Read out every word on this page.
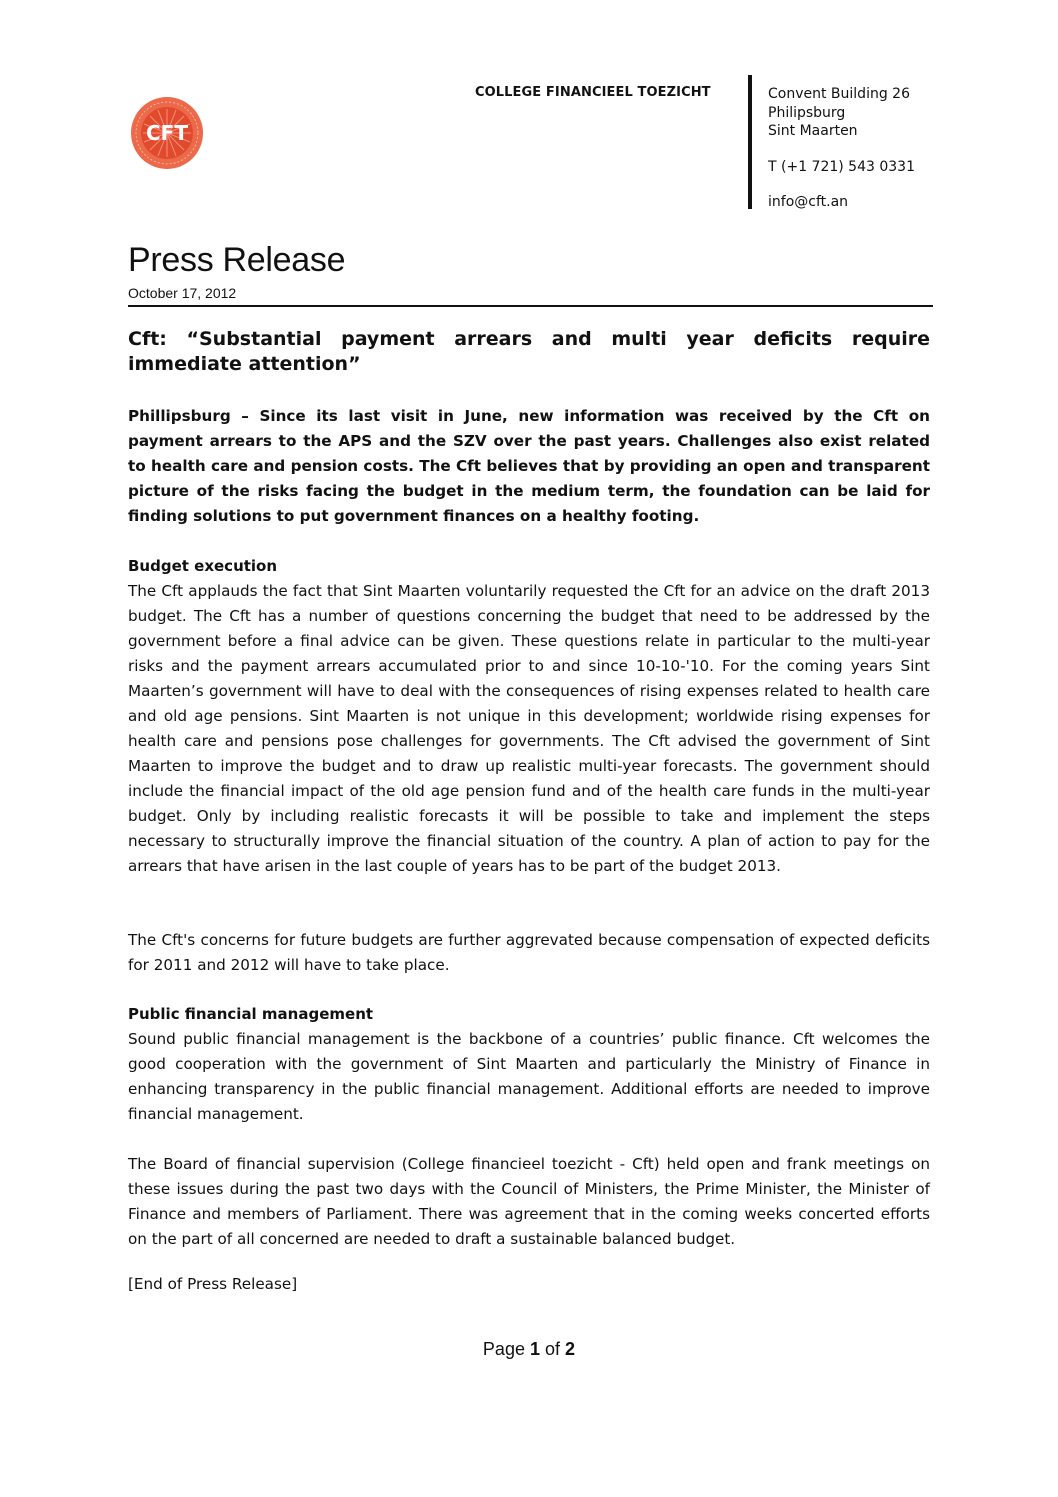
CFT
COLLEGE FINANCIEEL TOEZICHT	Convent Building 26
Philipsburg
Sint Maarten
T (+1 721) 543 0331
info@cft.an
Press Release
October 17, 2012
Cft: “Substantial payment arrears and multi year deficits require immediate attention”
Phillipsburg – Since its last visit in June, new information was received by the Cft on payment arrears to the APS and the SZV over the past years. Challenges also exist related to health care and pension costs. The Cft believes that by providing an open and transparent picture of the risks facing the budget in the medium term, the foundation can be laid for finding solutions to put government finances on a healthy footing.
Budget execution
The Cft applauds the fact that Sint Maarten voluntarily requested the Cft for an advice on the draft 2013 budget. The Cft has a number of questions concerning the budget that need to be addressed by the government before a final advice can be given. These questions relate in particular to the multi-year risks and the payment arrears accumulated prior to and since 10-10-'10. For the coming years Sint Maarten’s government will have to deal with the consequences of rising expenses related to health care and old age pensions. Sint Maarten is not unique in this development; worldwide rising expenses for health care and pensions pose challenges for governments. The Cft advised the government of Sint Maarten to improve the budget and to draw up realistic multi-year forecasts. The government should include the financial impact of the old age pension fund and of the health care funds in the multi-year budget. Only by including realistic forecasts it will be possible to take and implement the steps necessary to structurally improve the financial situation of the country. A plan of action to pay for the arrears that have arisen in the last couple of years has to be part of the budget 2013.
The Cft's concerns for future budgets are further aggrevated because compensation of expected deficits for 2011 and 2012 will have to take place.
Public financial management
Sound public financial management is the backbone of a countries’ public finance. Cft welcomes the good cooperation with the government of Sint Maarten and particularly the Ministry of Finance in enhancing transparency in the public financial management. Additional efforts are needed to improve financial management.
The Board of financial supervision (College financieel toezicht - Cft) held open and frank meetings on these issues during the past two days with the Council of Ministers, the Prime Minister, the Minister of Finance and members of Parliament. There was agreement that in the coming weeks concerted efforts on the part of all concerned are needed to draft a sustainable balanced budget.
[End of Press Release]
Page 1 of 2
